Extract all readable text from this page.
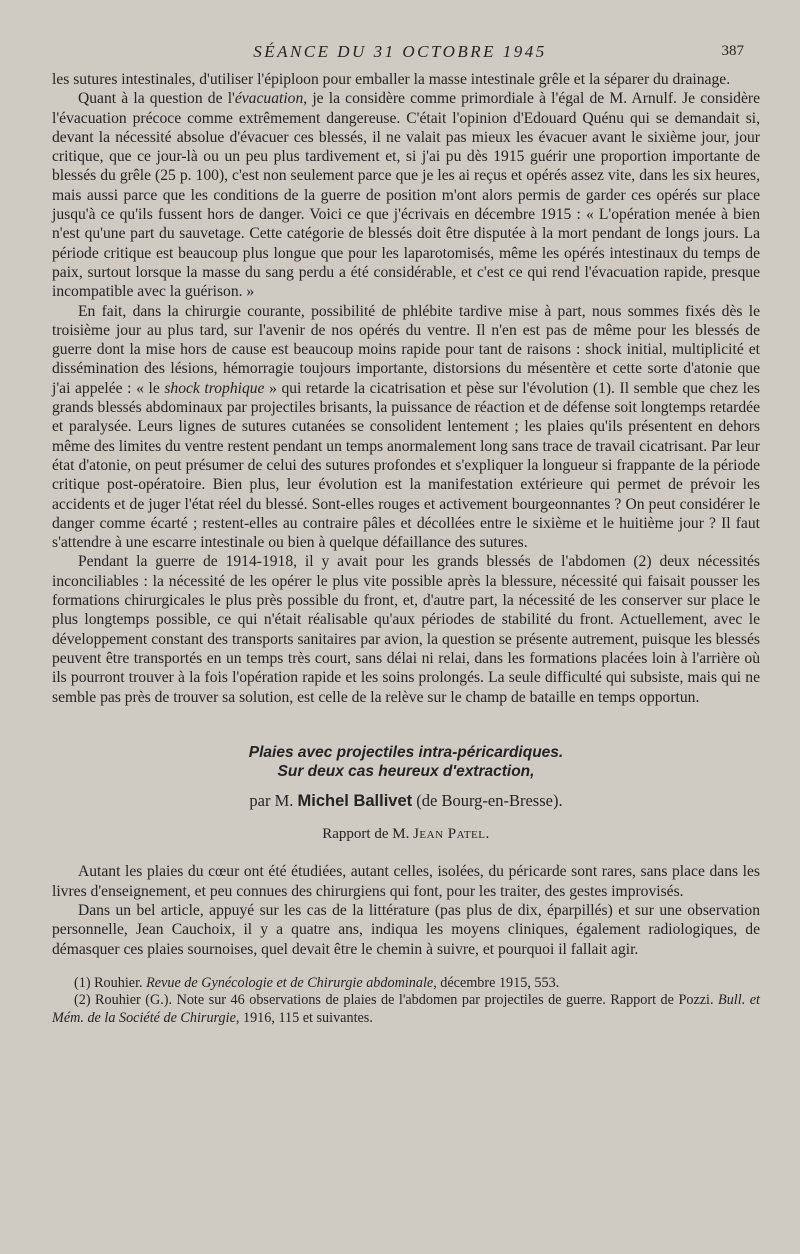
SÉANCE DU 31 OCTOBRE 1945	387

les sutures intestinales, d'utiliser l'épiploon pour emballer la masse intestinale grêle et la séparer du drainage.

Quant à la question de l'évacuation, je la considère comme primordiale à l'égal de M. Arnulf. Je considère l'évacuation précoce comme extrêmement dangereuse. C'était l'opinion d'Edouard Quénu qui se demandait si, devant la nécessité absolue d'évacuer ces blessés, il ne valait pas mieux les évacuer avant le sixième jour, jour critique, que ce jour-là ou un peu plus tardivement et, si j'ai pu dès 1915 guérir une proportion importante de blessés du grêle (25 p. 100), c'est non seulement parce que je les ai reçus et opérés assez vite, dans les six heures, mais aussi parce que les conditions de la guerre de position m'ont alors permis de garder ces opérés sur place jusqu'à ce qu'ils fussent hors de danger. Voici ce que j'écrivais en décembre 1915 : « L'opération menée à bien n'est qu'une part du sauvetage. Cette catégorie de blessés doit être disputée à la mort pendant de longs jours. La période critique est beaucoup plus longue que pour les laparotomisés, même les opérés intestinaux du temps de paix, surtout lorsque la masse du sang perdu a été considérable, et c'est ce qui rend l'évacuation rapide, presque incompatible avec la guérison. »

En fait, dans la chirurgie courante, possibilité de phlébite tardive mise à part, nous sommes fixés dès le troisième jour au plus tard, sur l'avenir de nos opérés du ventre. Il n'en est pas de même pour les blessés de guerre dont la mise hors de cause est beaucoup moins rapide pour tant de raisons : shock initial, multiplicité et dissémination des lésions, hémorragie toujours importante, distorsions du mésentère et cette sorte d'atonie que j'ai appelée : « le shock trophique » qui retarde la cicatrisation et pèse sur l'évolution (1). Il semble que chez les grands blessés abdominaux par projectiles brisants, la puissance de réaction et de défense soit longtemps retardée et paralysée. Leurs lignes de sutures cutanées se consolident lentement ; les plaies qu'ils présentent en dehors même des limites du ventre restent pendant un temps anormalement long sans trace de travail cicatrisant. Par leur état d'atonie, on peut présumer de celui des sutures profondes et s'expliquer la longueur si frappante de la période critique post-opératoire. Bien plus, leur évolution est la manifestation extérieure qui permet de prévoir les accidents et de juger l'état réel du blessé. Sont-elles rouges et activement bourgeonnantes ? On peut considérer le danger comme écarté ; restent-elles au contraire pâles et décollées entre le sixième et le huitième jour ? Il faut s'attendre à une escarre intestinale ou bien à quelque défaillance des sutures.

Pendant la guerre de 1914-1918, il y avait pour les grands blessés de l'abdomen (2) deux nécessités inconciliables : la nécessité de les opérer le plus vite possible après la blessure, nécessité qui faisait pousser les formations chirurgicales le plus près possible du front, et, d'autre part, la nécessité de les conserver sur place le plus longtemps possible, ce qui n'était réalisable qu'aux périodes de stabilité du front. Actuellement, avec le développement constant des transports sanitaires par avion, la question se présente autrement, puisque les blessés peuvent être transportés en un temps très court, sans délai ni relai, dans les formations placées loin à l'arrière où ils pourront trouver à la fois l'opération rapide et les soins prolongés. La seule difficulté qui subsiste, mais qui ne semble pas près de trouver sa solution, est celle de la relève sur le champ de bataille en temps opportun.

Plaies avec projectiles intra-péricardiques.
Sur deux cas heureux d'extraction,
par M. Michel Ballivet (de Bourg-en-Bresse).
Rapport de M. Jean Patel.

Autant les plaies du cœur ont été étudiées, autant celles, isolées, du péricarde sont rares, sans place dans les livres d'enseignement, et peu connues des chirurgiens qui font, pour les traiter, des gestes improvisés.

Dans un bel article, appuyé sur les cas de la littérature (pas plus de dix, éparpillés) et sur une observation personnelle, Jean Cauchoix, il y a quatre ans, indiqua les moyens cliniques, également radiologiques, de démasquer ces plaies sournoises, quel devait être le chemin à suivre, et pourquoi il fallait agir.

(1) Rouhier. Revue de Gynécologie et de Chirurgie abdominale, décembre 1915, 553.

(2) Rouhier (G.). Note sur 46 observations de plaies de l'abdomen par projectiles de guerre. Rapport de Pozzi. Bull. et Mém. de la Société de Chirurgie, 1916, 115 et suivantes.
